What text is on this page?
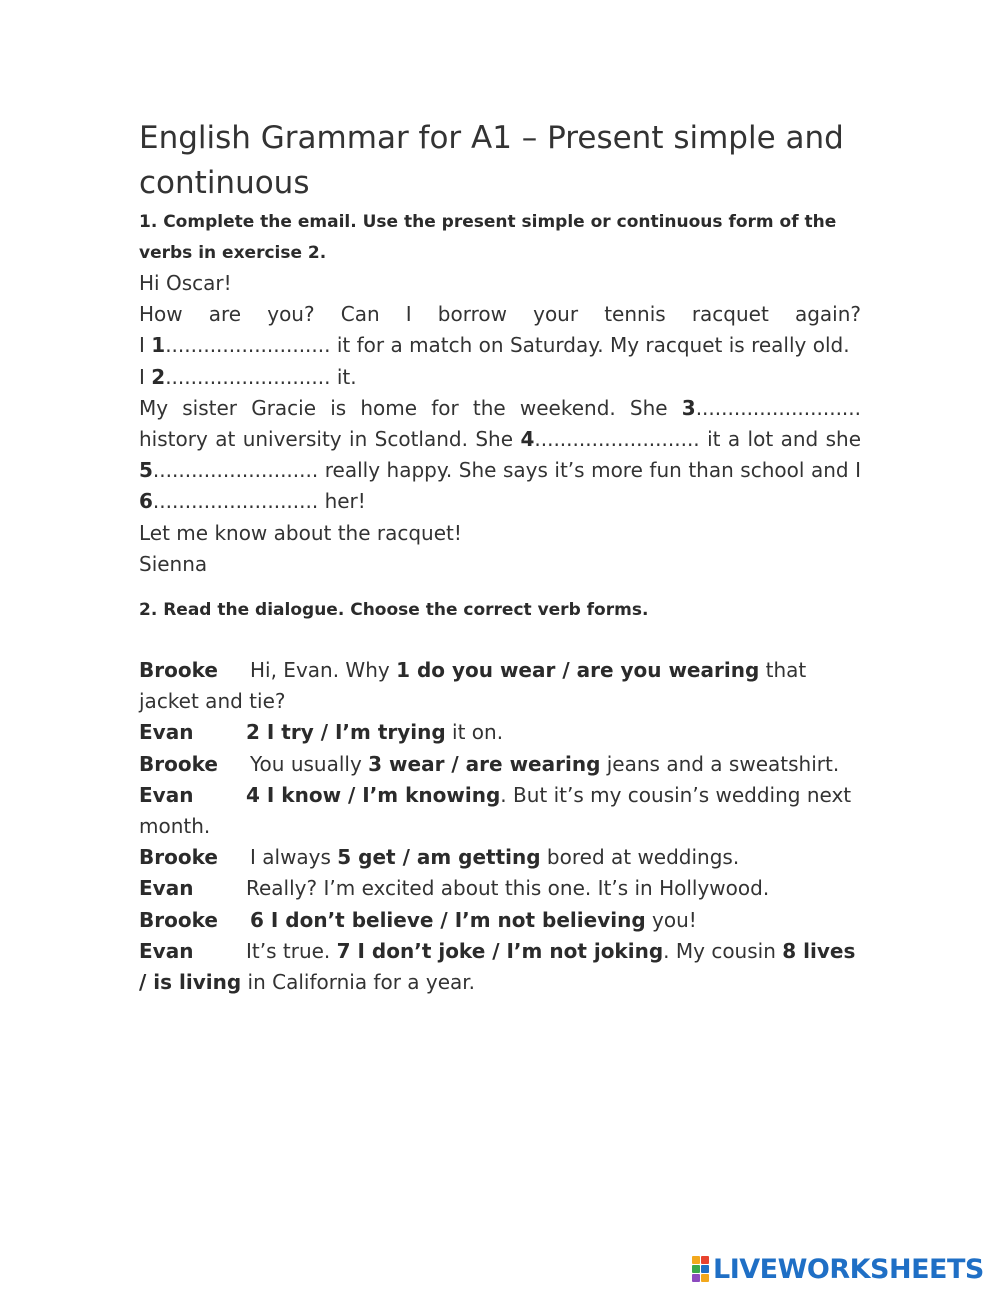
English Grammar for A1 – Present simple and continuous
1. Complete the email. Use the present simple or continuous form of the verbs in exercise 2.

Hi Oscar!

How are you? Can I borrow your tennis racquet again?

I 1.......................... it for a match on Saturday. My racquet is really old.

I 2.......................... it.

My sister Gracie is home for the weekend. She 3.......................... history at university in Scotland. She 4.......................... it a lot and she 5.......................... really happy. She says it’s more fun than school and I 6.......................... her!

Let me know about the racquet!

Sienna

2. Read the dialogue. Choose the correct verb forms.

Brooke Hi, Evan. Why 1 do you wear / are you wearing that jacket and tie?

Evan	2 I try / I’m trying it on.

Brooke You usually 3 wear / are wearing jeans and a sweatshirt.

Evan	4 I know / I’m knowing. But it’s my cousin’s wedding next month.

Brooke I always 5 get / am getting bored at weddings.

Evan	Really? I’m excited about this one. It’s in Hollywood.

Brooke 6 I don’t believe / I’m not believing you!

Evan	It’s true. 7 I don’t joke / I’m not joking. My cousin 8 lives / is living in California for a year.

LIVEWORKSHEETS
